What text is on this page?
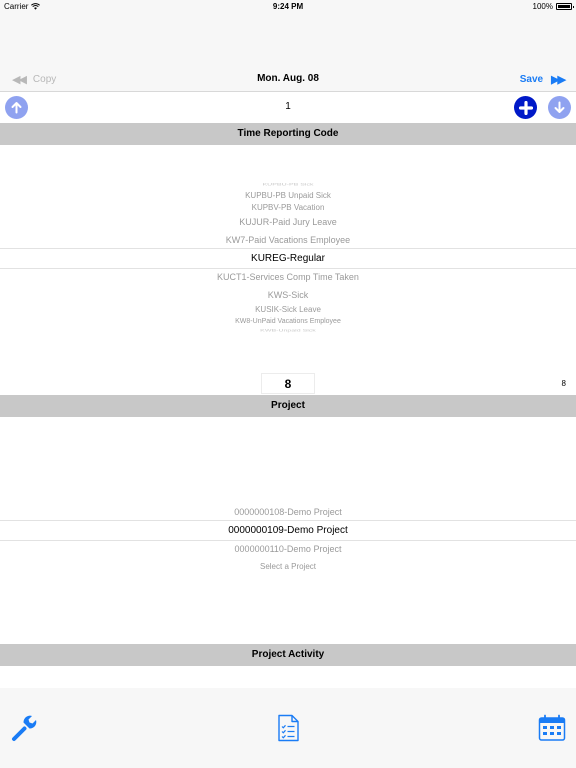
Carrier	9:24 PM	100%
◀◀ Copy	Mon. Aug. 08	Save ▶▶
1
Time Reporting Code
KUPBU-PB Sick
KUPBU-PB Unpaid Sick
KUPBV-PB Vacation
KUJUR-Paid Jury Leave
KW7-Paid Vacations Employee
KUREG-Regular
KUCT1-Services Comp Time Taken
KWS-Sick
KUSIK-Sick Leave
KW8-UnPaid Vacations Employee
KWB-Unpaid Sick
8	8
Project
0000000108-Demo Project
0000000109-Demo Project
0000000110-Demo Project
Select a Project
Project Activity
